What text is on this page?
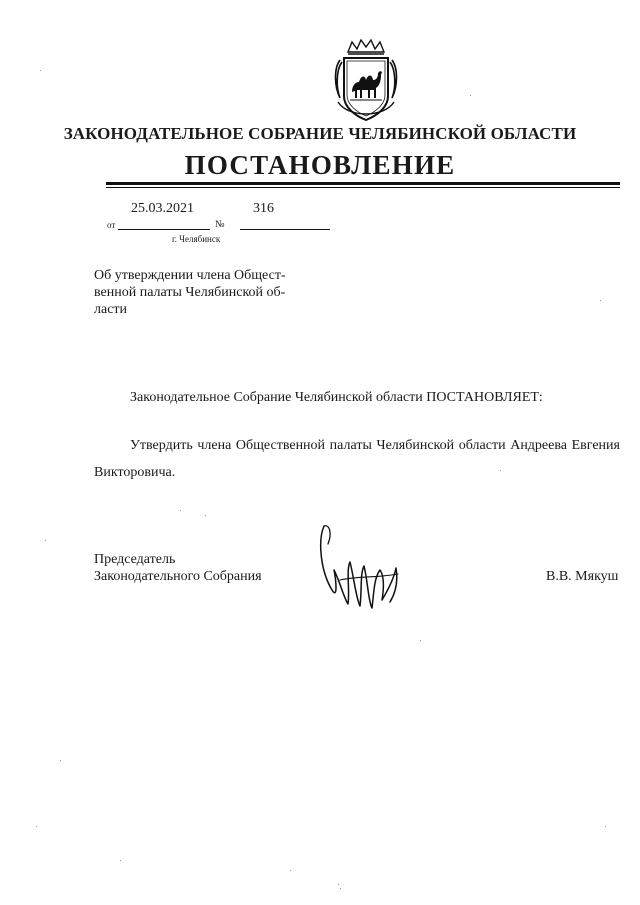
ЗАКОНОДАТЕЛЬНОЕ СОБРАНИЕ ЧЕЛЯБИНСКОЙ ОБЛАСТИ
ПОСТАНОВЛЕНИЕ
25.03.2021	316
от	№
г. Челябинск
Об утверждении члена Общест-
венной палаты Челябинской об-
ласти
Законодательное Собрание Челябинской области ПОСТАНОВЛЯЕТ:
Утвердить члена Общественной палаты Челябинской области Андреева Евгения
Викторовича.
Председатель
Законодательного Собрания	В.В. Мякуш
